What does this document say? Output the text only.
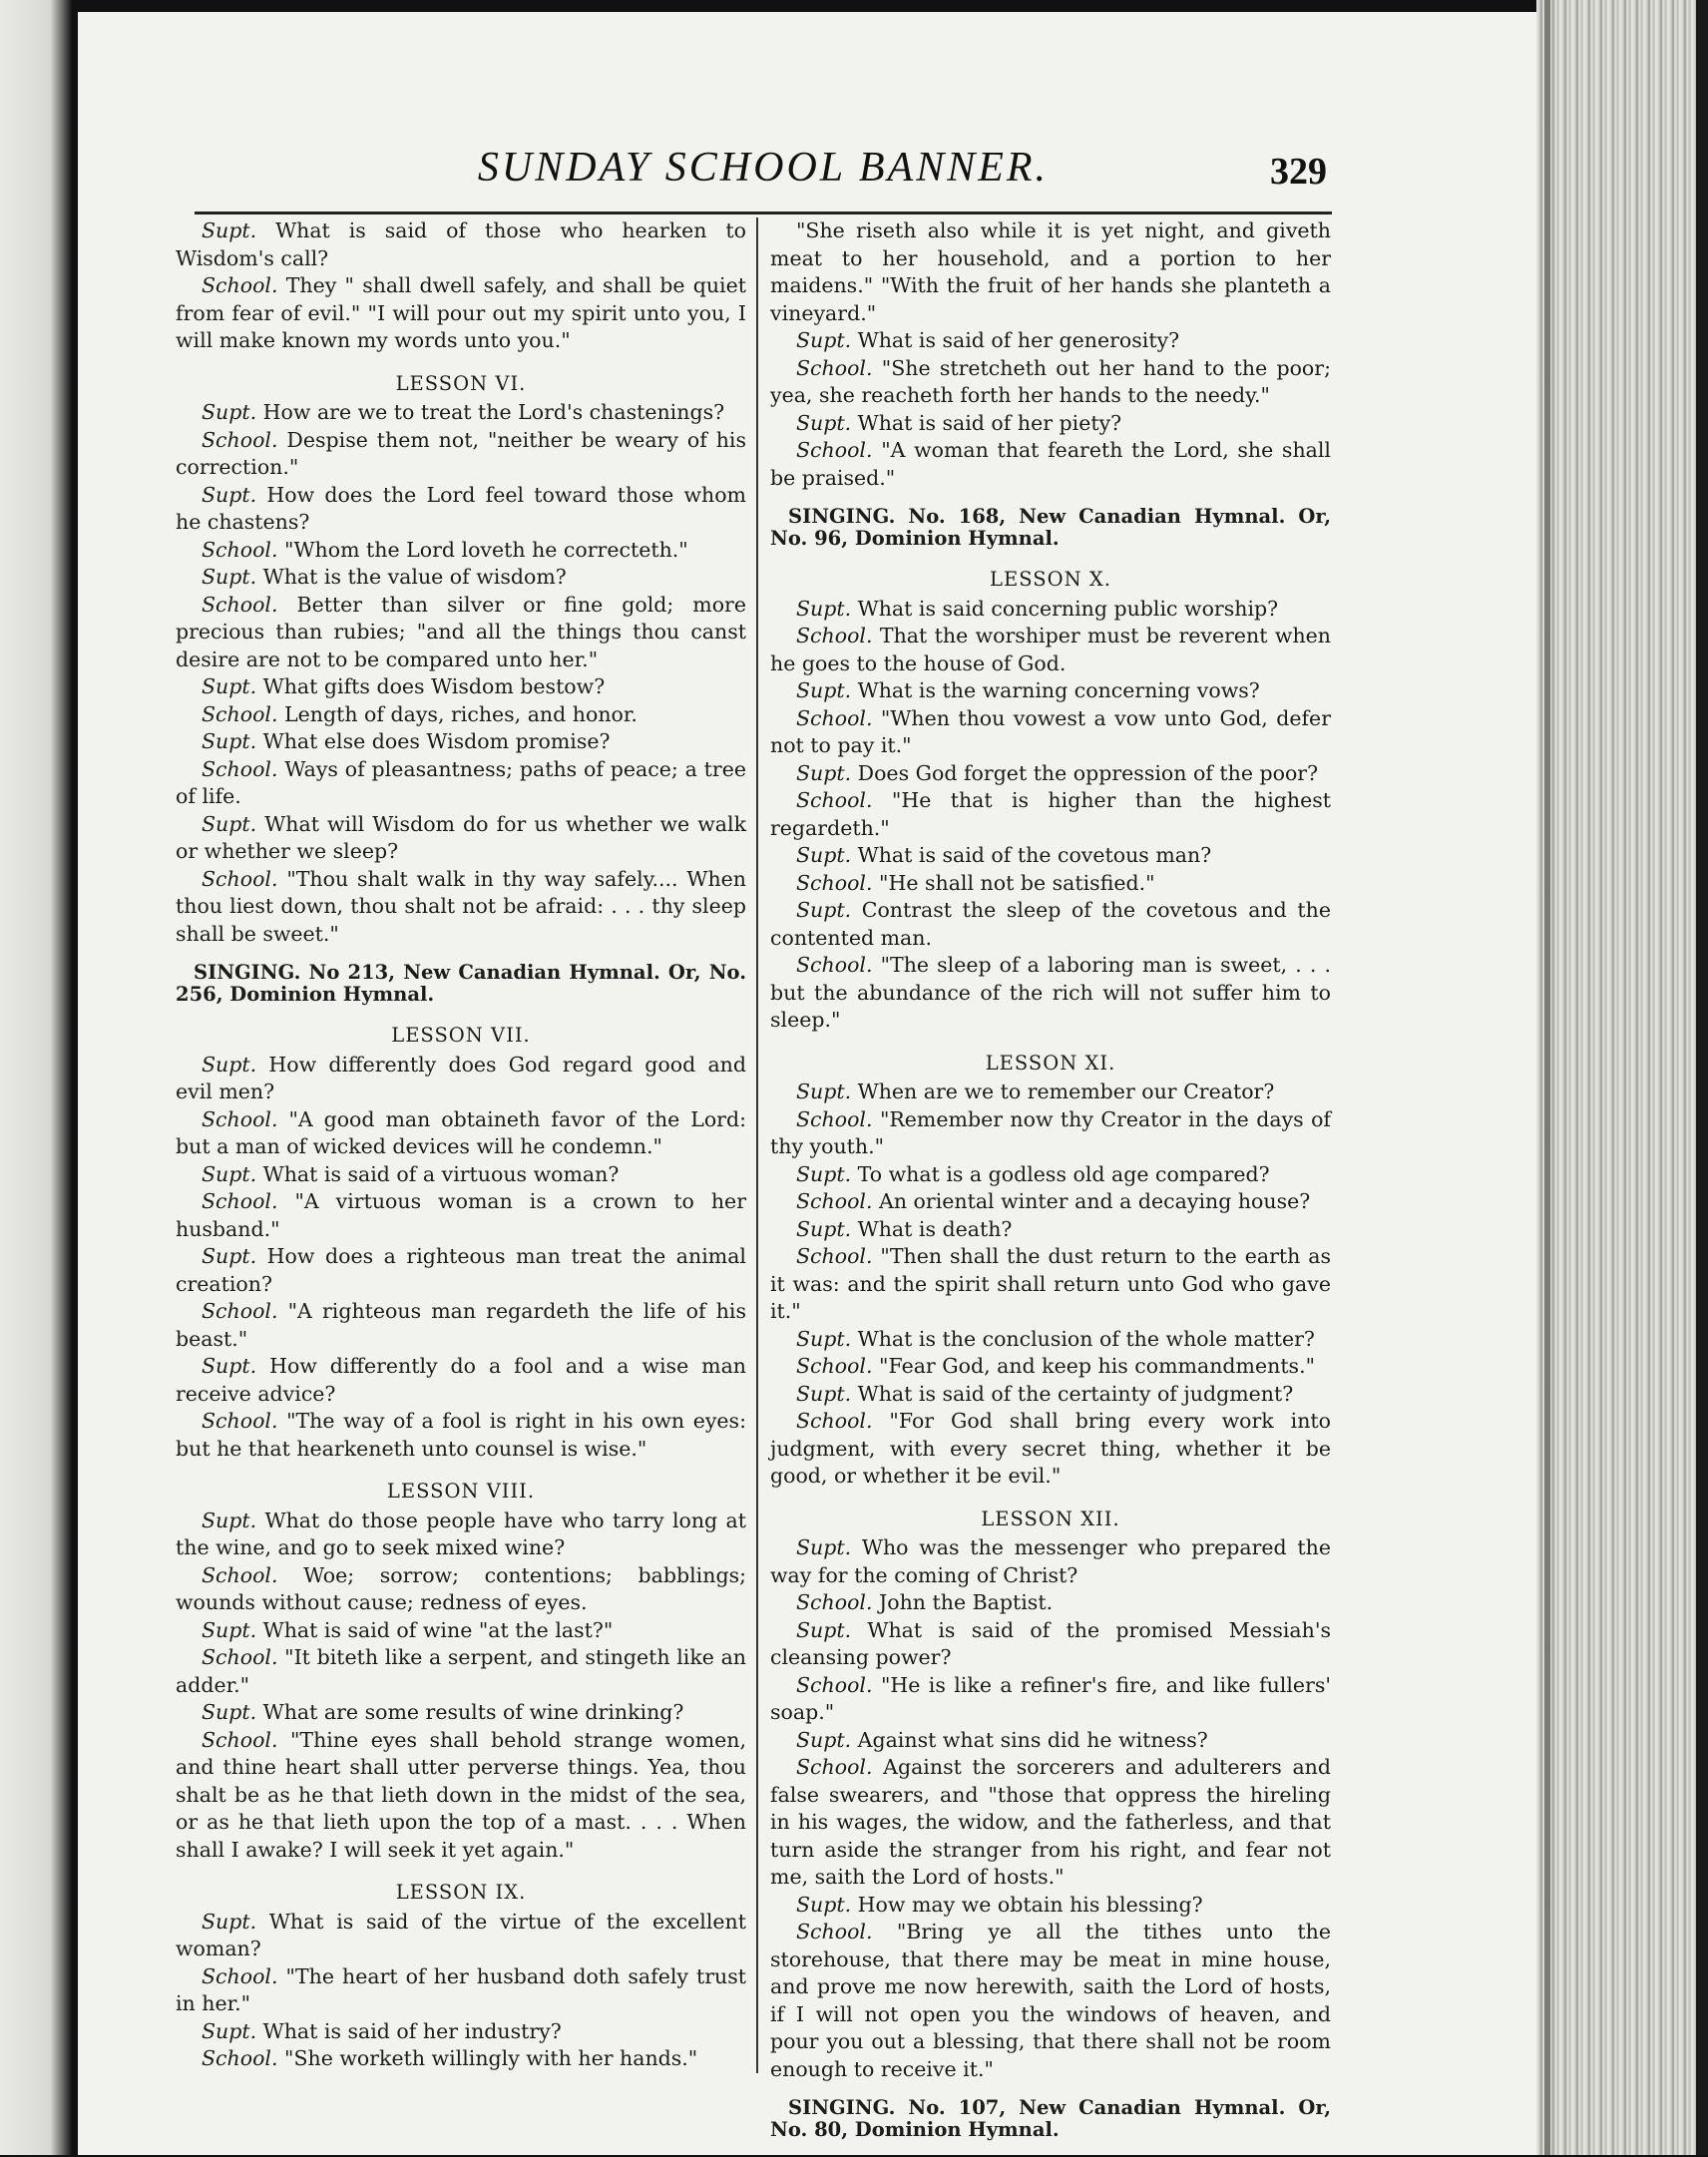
SUNDAY SCHOOL BANNER.	329

Supt. What is said of those who hearken to Wisdom's call?

School. They " shall dwell safely, and shall be quiet from fear of evil." "I will pour out my spirit unto you, I will make known my words unto you."

LESSON VI.

Supt. How are we to treat the Lord's chastenings?

School. Despise them not, "neither be weary of his correction."

Supt. How does the Lord feel toward those whom he chastens?

School. "Whom the Lord loveth he correcteth."

Supt. What is the value of wisdom?

School. Better than silver or fine gold; more precious than rubies; "and all the things thou canst desire are not to be compared unto her."

Supt. What gifts does Wisdom bestow?

School. Length of days, riches, and honor.

Supt. What else does Wisdom promise?

School. Ways of pleasantness; paths of peace; a tree of life.

Supt. What will Wisdom do for us whether we walk or whether we sleep?

School. "Thou shalt walk in thy way safely.... When thou liest down, thou shalt not be afraid: . . . thy sleep shall be sweet."

SINGING. No 213, New Canadian Hymnal. Or, No. 256, Dominion Hymnal.
LESSON VII.

Supt. How differently does God regard good and evil men?

School. "A good man obtaineth favor of the Lord: but a man of wicked devices will he condemn."

Supt. What is said of a virtuous woman?

School. "A virtuous woman is a crown to her husband."

Supt. How does a righteous man treat the animal creation?

School. "A righteous man regardeth the life of his beast."

Supt. How differently do a fool and a wise man receive advice?

School. "The way of a fool is right in his own eyes: but he that hearkeneth unto counsel is wise."

LESSON VIII.

Supt. What do those people have who tarry long at the wine, and go to seek mixed wine?

School. Woe; sorrow; contentions; babblings; wounds without cause; redness of eyes.

Supt. What is said of wine "at the last?"

School. "It biteth like a serpent, and stingeth like an adder."

Supt. What are some results of wine drinking?

School. "Thine eyes shall behold strange women, and thine heart shall utter perverse things. Yea, thou shalt be as he that lieth down in the midst of the sea, or as he that lieth upon the top of a mast. . . . When shall I awake? I will seek it yet again."

LESSON IX.

Supt. What is said of the virtue of the excellent woman?

School. "The heart of her husband doth safely trust in her."

Supt. What is said of her industry?

School. "She worketh willingly with her hands."

"She riseth also while it is yet night, and giveth meat to her household, and a portion to her maidens." "With the fruit of her hands she planteth a vineyard."

Supt. What is said of her generosity?

School. "She stretcheth out her hand to the poor; yea, she reacheth forth her hands to the needy."

Supt. What is said of her piety?

School. "A woman that feareth the Lord, she shall be praised."

SINGING. No. 168, New Canadian Hymnal. Or, No. 96, Dominion Hymnal.
LESSON X.

Supt. What is said concerning public worship?

School. That the worshiper must be reverent when he goes to the house of God.

Supt. What is the warning concerning vows?

School. "When thou vowest a vow unto God, defer not to pay it."

Supt. Does God forget the oppression of the poor?

School. "He that is higher than the highest regardeth."

Supt. What is said of the covetous man?

School. "He shall not be satisfied."

Supt. Contrast the sleep of the covetous and the contented man.

School. "The sleep of a laboring man is sweet, . . . but the abundance of the rich will not suffer him to sleep."

LESSON XI.

Supt. When are we to remember our Creator?

School. "Remember now thy Creator in the days of thy youth."

Supt. To what is a godless old age compared?

School. An oriental winter and a decaying house?

Supt. What is death?

School. "Then shall the dust return to the earth as it was: and the spirit shall return unto God who gave it."

Supt. What is the conclusion of the whole matter?

School. "Fear God, and keep his commandments."

Supt. What is said of the certainty of judgment?

School. "For God shall bring every work into judgment, with every secret thing, whether it be good, or whether it be evil."

LESSON XII.

Supt. Who was the messenger who prepared the way for the coming of Christ?

School. John the Baptist.

Supt. What is said of the promised Messiah's cleansing power?

School. "He is like a refiner's fire, and like fullers' soap."

Supt. Against what sins did he witness?

School. Against the sorcerers and adulterers and false swearers, and "those that oppress the hireling in his wages, the widow, and the fatherless, and that turn aside the stranger from his right, and fear not me, saith the Lord of hosts."

Supt. How may we obtain his blessing?

School. "Bring ye all the tithes unto the storehouse, that there may be meat in mine house, and prove me now herewith, saith the Lord of hosts, if I will not open you the windows of heaven, and pour you out a blessing, that there shall not be room enough to receive it."

SINGING. No. 107, New Canadian Hymnal. Or, No. 80, Dominion Hymnal.
